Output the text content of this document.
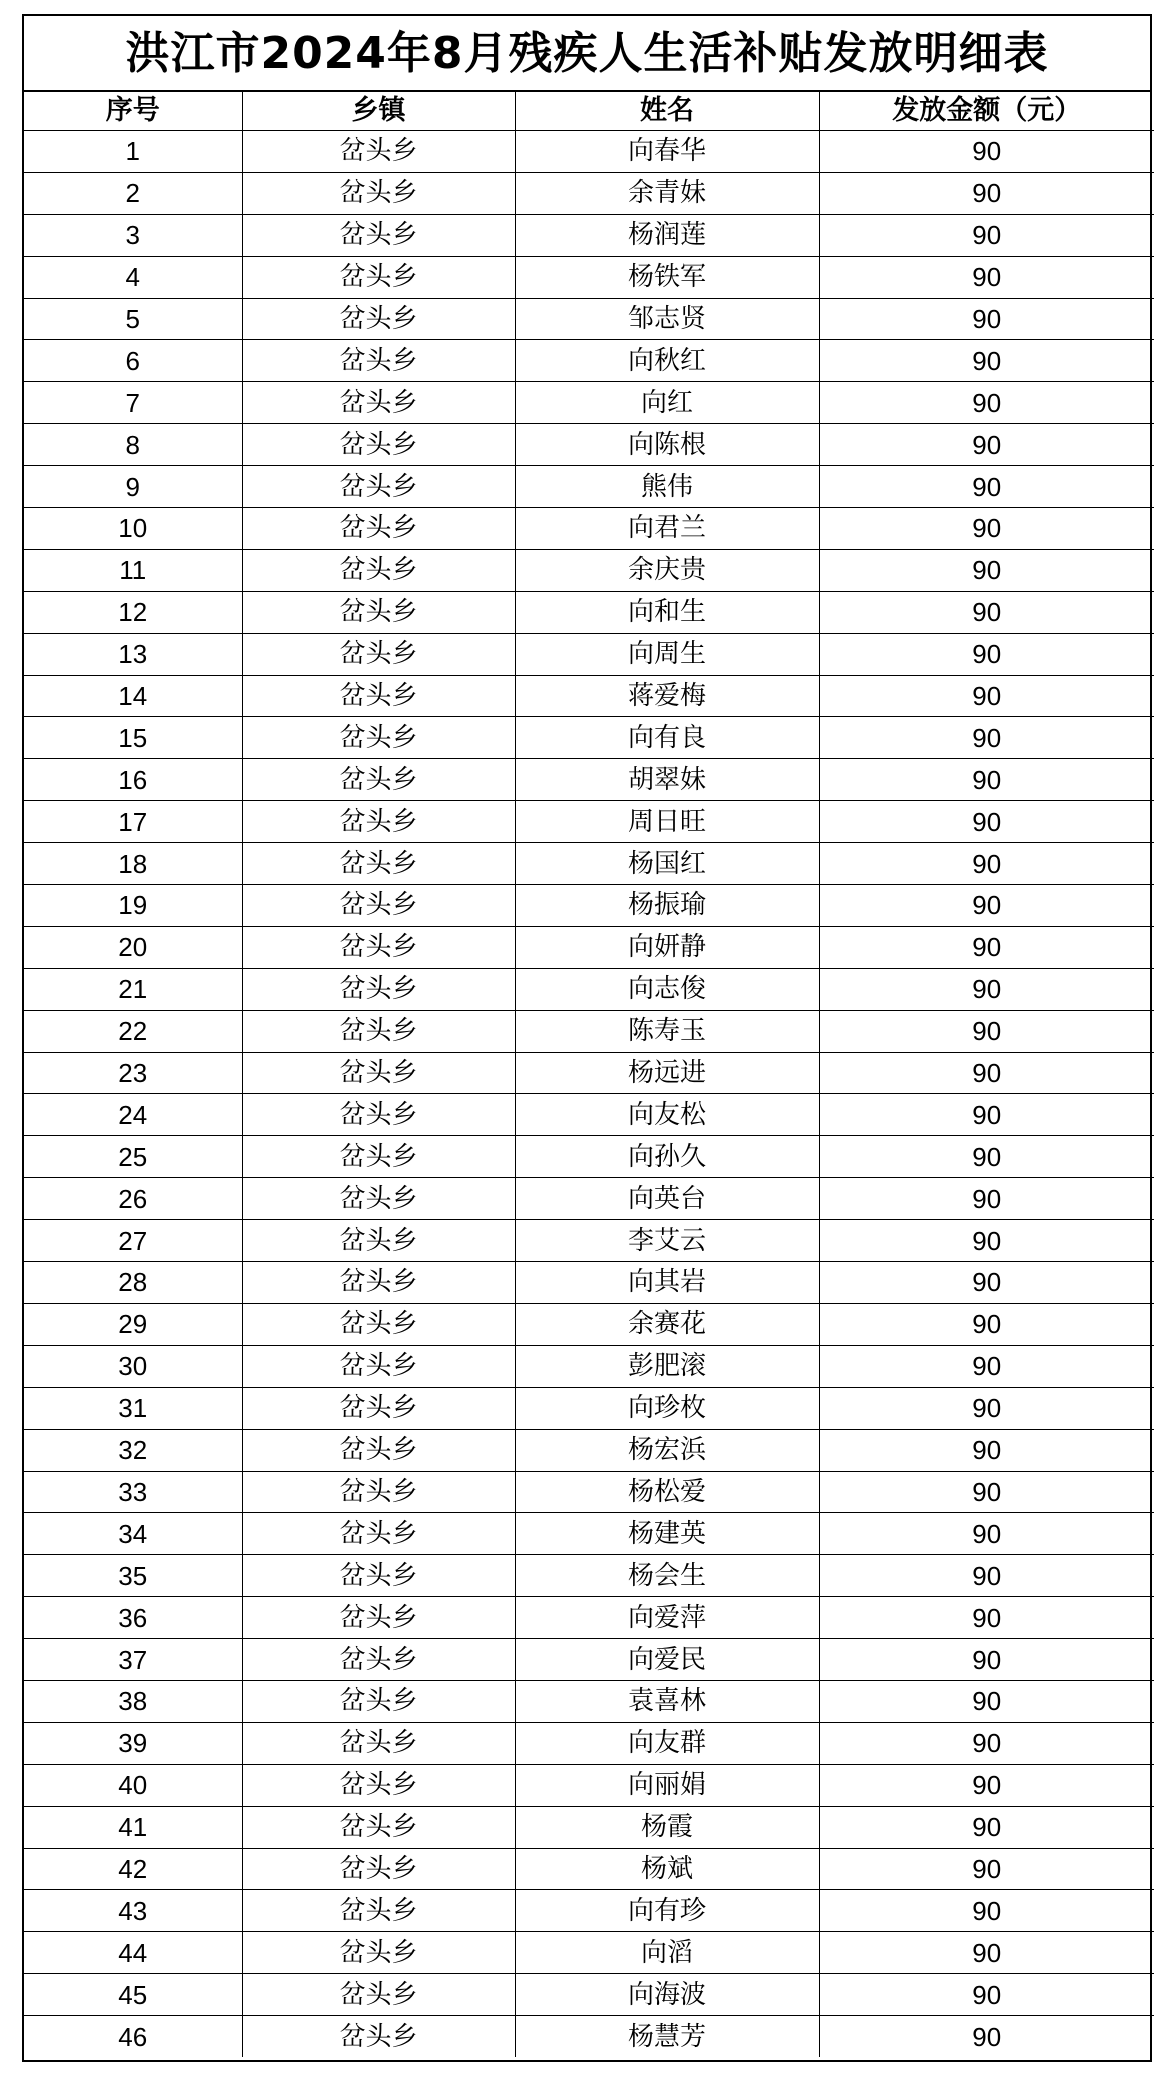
洪江市2024年8月残疾人生活补贴发放明细表
序号	乡镇	姓名	发放金额（元）
1	岔头乡	向春华	90
2	岔头乡	余青妹	90
3	岔头乡	杨润莲	90
4	岔头乡	杨铁军	90
5	岔头乡	邹志贤	90
6	岔头乡	向秋红	90
7	岔头乡	向红	90
8	岔头乡	向陈根	90
9	岔头乡	熊伟	90
10	岔头乡	向君兰	90
11	岔头乡	余庆贵	90
12	岔头乡	向和生	90
13	岔头乡	向周生	90
14	岔头乡	蒋爱梅	90
15	岔头乡	向有良	90
16	岔头乡	胡翠妹	90
17	岔头乡	周日旺	90
18	岔头乡	杨国红	90
19	岔头乡	杨振瑜	90
20	岔头乡	向妍静	90
21	岔头乡	向志俊	90
22	岔头乡	陈寿玉	90
23	岔头乡	杨远进	90
24	岔头乡	向友松	90
25	岔头乡	向孙久	90
26	岔头乡	向英台	90
27	岔头乡	李艾云	90
28	岔头乡	向其岩	90
29	岔头乡	余赛花	90
30	岔头乡	彭肥滚	90
31	岔头乡	向珍枚	90
32	岔头乡	杨宏浜	90
33	岔头乡	杨松爱	90
34	岔头乡	杨建英	90
35	岔头乡	杨会生	90
36	岔头乡	向爱萍	90
37	岔头乡	向爱民	90
38	岔头乡	袁喜林	90
39	岔头乡	向友群	90
40	岔头乡	向丽娟	90
41	岔头乡	杨霞	90
42	岔头乡	杨斌	90
43	岔头乡	向有珍	90
44	岔头乡	向滔	90
45	岔头乡	向海波	90
46	岔头乡	杨慧芳	90
